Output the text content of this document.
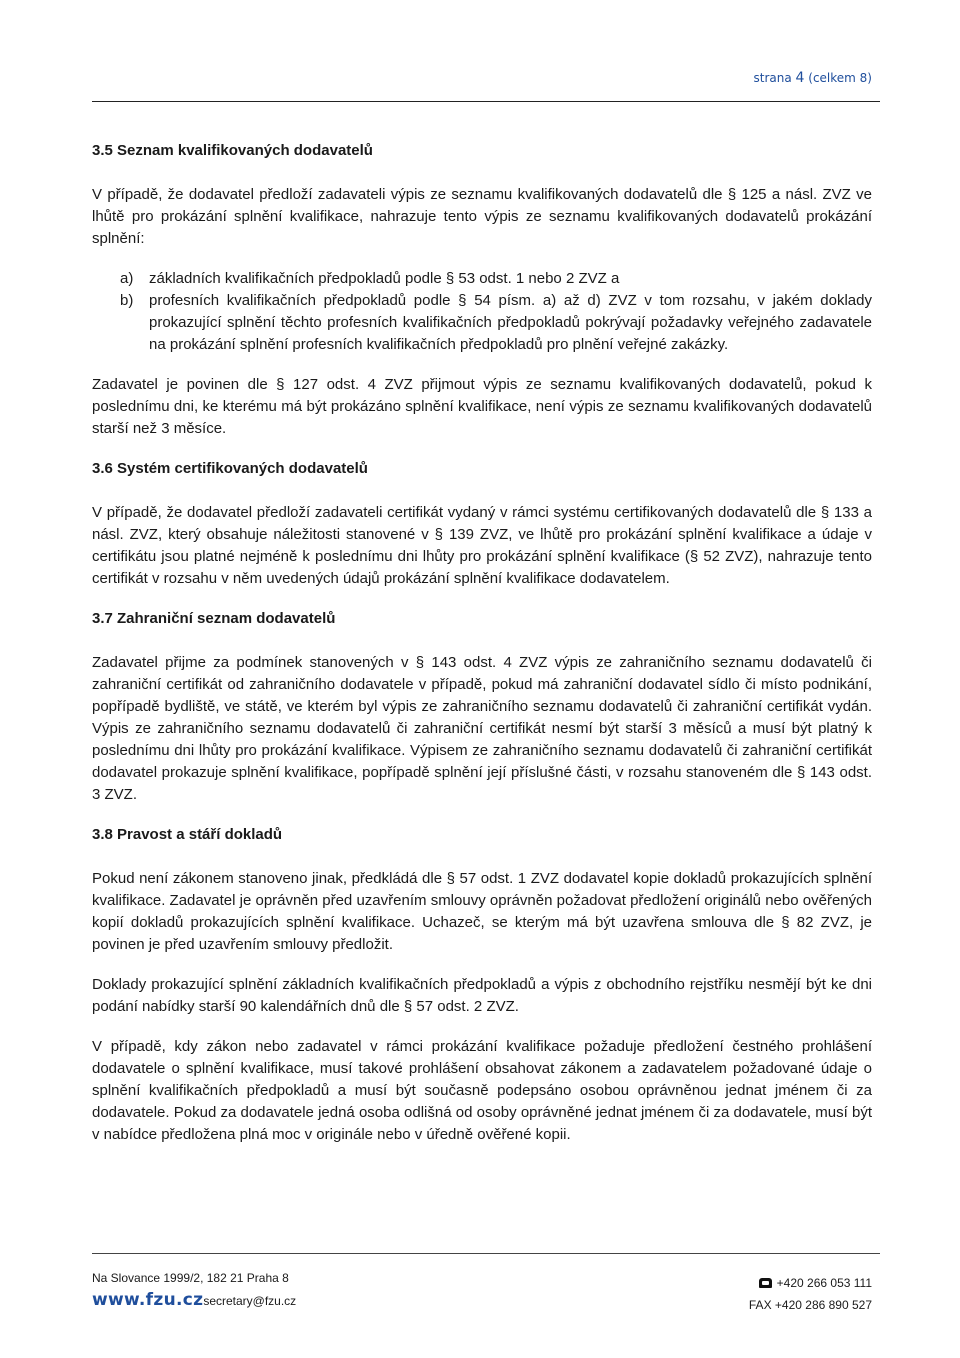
strana 4 (celkem 8)
3.5 Seznam kvalifikovaných dodavatelů

V případě, že dodavatel předloží zadavateli výpis ze seznamu kvalifikovaných dodavatelů dle § 125 a násl. ZVZ ve lhůtě pro prokázání splnění kvalifikace, nahrazuje tento výpis ze seznamu kvalifikovaných dodavatelů prokázání splnění:

a) základních kvalifikačních předpokladů podle § 53 odst. 1 nebo 2 ZVZ a
b) profesních kvalifikačních předpokladů podle § 54 písm. a) až d) ZVZ v tom rozsahu, v jakém doklady prokazující splnění těchto profesních kvalifikačních předpokladů pokrývají požadavky veřejného zadavatele na prokázání splnění profesních kvalifikačních předpokladů pro plnění veřejné zakázky.

Zadavatel je povinen dle § 127 odst. 4 ZVZ přijmout výpis ze seznamu kvalifikovaných dodavatelů, pokud k poslednímu dni, ke kterému má být prokázáno splnění kvalifikace, není výpis ze seznamu kvalifikovaných dodavatelů starší než 3 měsíce.

3.6 Systém certifikovaných dodavatelů

V případě, že dodavatel předloží zadavateli certifikát vydaný v rámci systému certifikovaných dodavatelů dle § 133 a násl. ZVZ, který obsahuje náležitosti stanovené v § 139 ZVZ, ve lhůtě pro prokázání splnění kvalifikace a údaje v certifikátu jsou platné nejméně k poslednímu dni lhůty pro prokázání splnění kvalifikace (§ 52 ZVZ), nahrazuje tento certifikát v rozsahu v něm uvedených údajů prokázání splnění kvalifikace dodavatelem.

3.7 Zahraniční seznam dodavatelů

Zadavatel přijme za podmínek stanovených v § 143 odst. 4 ZVZ výpis ze zahraničního seznamu dodavatelů či zahraniční certifikát od zahraničního dodavatele v případě, pokud má zahraniční dodavatel sídlo či místo podnikání, popřípadě bydliště, ve státě, ve kterém byl výpis ze zahraničního seznamu dodavatelů či zahraniční certifikát vydán. Výpis ze zahraničního seznamu dodavatelů či zahraniční certifikát nesmí být starší 3 měsíců a musí být platný k poslednímu dni lhůty pro prokázání kvalifikace. Výpisem ze zahraničního seznamu dodavatelů či zahraniční certifikát dodavatel prokazuje splnění kvalifikace, popřípadě splnění její příslušné části, v rozsahu stanoveném dle § 143 odst. 3 ZVZ.

3.8 Pravost a stáří dokladů

Pokud není zákonem stanoveno jinak, předkládá dle § 57 odst. 1 ZVZ dodavatel kopie dokladů prokazujících splnění kvalifikace. Zadavatel je oprávněn před uzavřením smlouvy oprávněn požadovat předložení originálů nebo ověřených kopií dokladů prokazujících splnění kvalifikace. Uchazeč, se kterým má být uzavřena smlouva dle § 82 ZVZ, je povinen je před uzavřením smlouvy předložit.

Doklady prokazující splnění základních kvalifikačních předpokladů a výpis z obchodního rejstříku nesmějí být ke dni podání nabídky starší 90 kalendářních dnů dle § 57 odst. 2 ZVZ.

V případě, kdy zákon nebo zadavatel v rámci prokázání kvalifikace požaduje předložení čestného prohlášení dodavatele o splnění kvalifikace, musí takové prohlášení obsahovat zákonem a zadavatelem požadované údaje o splnění kvalifikačních předpokladů a musí být současně podepsáno osobou oprávněnou jednat jménem či za dodavatele. Pokud za dodavatele jedná osoba odlišná od osoby oprávněné jednat jménem či za dodavatele, musí být v nabídce předložena plná moc v originále nebo v úředně ověřené kopii.

Na Slovance 1999/2, 182 21 Praha 8
www.fzu.czsecretary@fzu.cz
+420 266 053 111
FAX +420 286 890 527
